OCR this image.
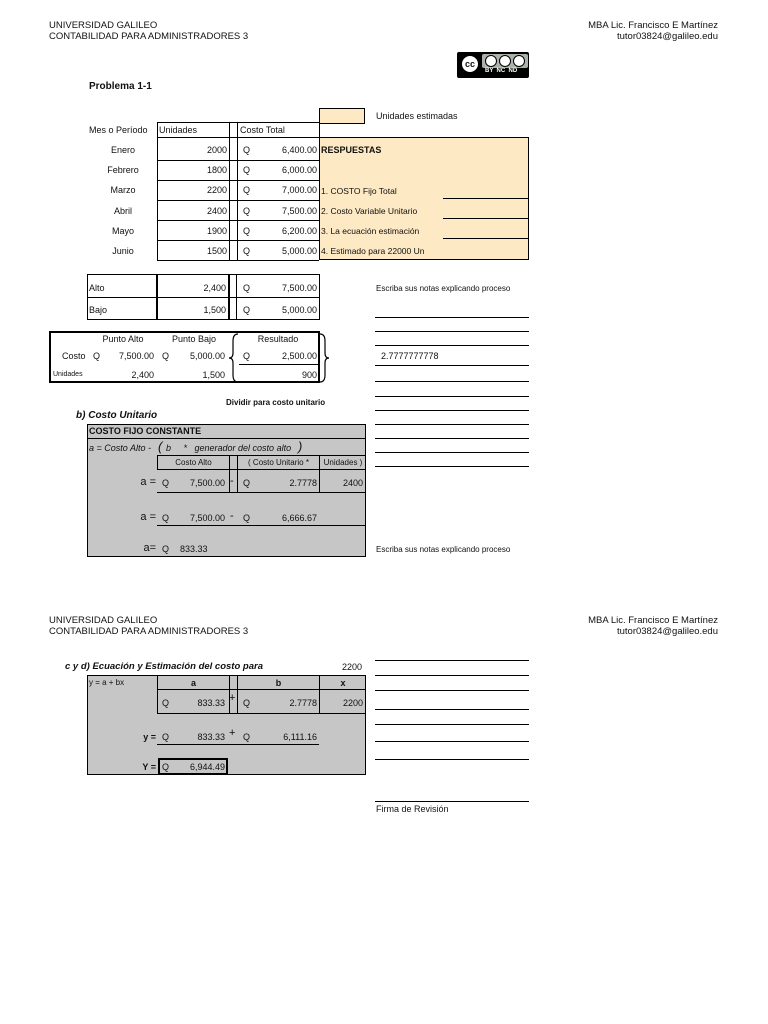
UNIVERSIDAD GALILEO
CONTABILIDAD PARA ADMINISTRADORES 3
MBA Lic. Francisco E Martínez
tutor03824@galileo.edu
cc
BY  NC  ND
Problema 1-1
Unidades estimadas
Mes o Período Unidades	Costo Total
RESPUESTAS
1. COSTO Fijo Total
2. Costo Variable Unitario
3. La ecuación estimación
4. Estimado para 22000 Un
Enero	2000 Q	6,400.00
Febrero	1800 Q	6,000.00
Marzo	2200 Q	7,000.00
Abril	2400 Q	7,500.00
Mayo	1900 Q	6,200.00
Junio	1500 Q	5,000.00
Alto	2,400 Q	7,500.00
Bajo	1,500 Q	5,000.00
Escriba sus notas explicando proceso
2.7777777778
Punto Alto	Punto Bajo	Resultado
Costo Q	7,500.00 Q	5,000.00 Q	2,500.00
Unidades	2,400	1,500	900
Dividir para costo unitario
b) Costo Unitario
COSTO FIJO CONSTANTE
a = Costo Alto - ( b     *   generador del costo alto )
Costo Alto	( Costo Unitario *	Unidades )
a = Q	7,500.00 - Q	2.7778	2400
a = Q	7,500.00 - Q	6,666.67
a= Q 833.33	Escriba sus notas explicando proceso
UNIVERSIDAD GALILEO
CONTABILIDAD PARA ADMINISTRADORES 3
MBA Lic. Francisco E Martínez
tutor03824@galileo.edu
c y d) Ecuación y Estimación del costo para	2200
y = a + bx	a	b	x
Q	833.33 + Q	2.7778	2200
y = Q	833.33 + Q	6,111.16
Y = Q	6,944.49
Firma de Revisión
